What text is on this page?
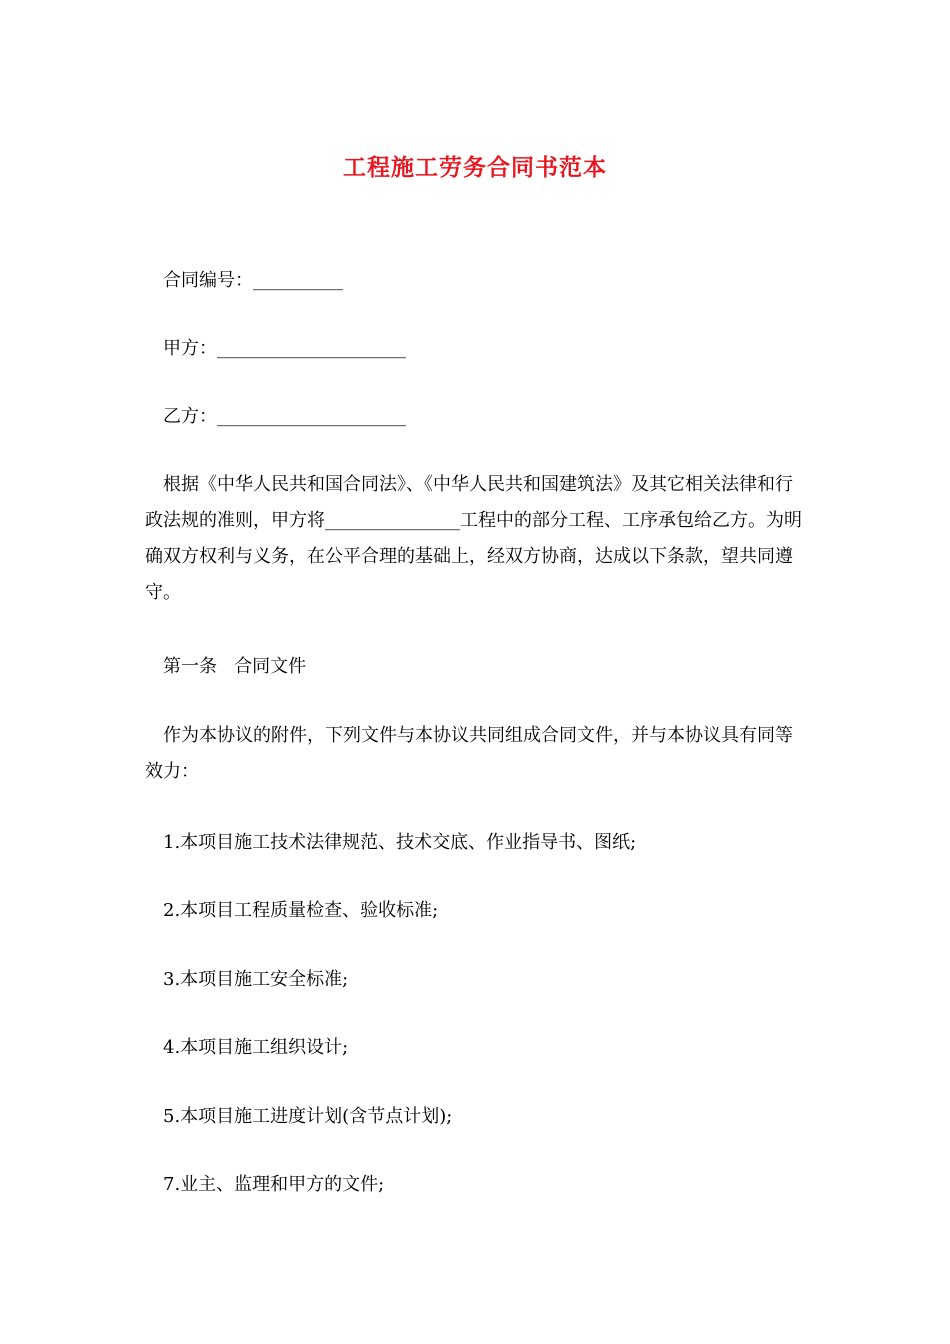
工程施工劳务合同书范本
合同编号：__________
甲方：_____________________
乙方：_____________________
根据《中华人民共和国合同法》、《中华人民共和国建筑法》及其它相关法律和行政法规的准则，甲方将_______________工程中的部分工程、工序承包给乙方。为明确双方权利与义务，在公平合理的基础上，经双方协商，达成以下条款，望共同遵守。
第一条   合同文件
作为本协议的附件，下列文件与本协议共同组成合同文件，并与本协议具有同等效力：
1.本项目施工技术法律规范、技术交底、作业指导书、图纸;
2.本项目工程质量检查、验收标准;
3.本项目施工安全标准;
4.本项目施工组织设计;
5.本项目施工进度计划(含节点计划);
7.业主、监理和甲方的文件;
